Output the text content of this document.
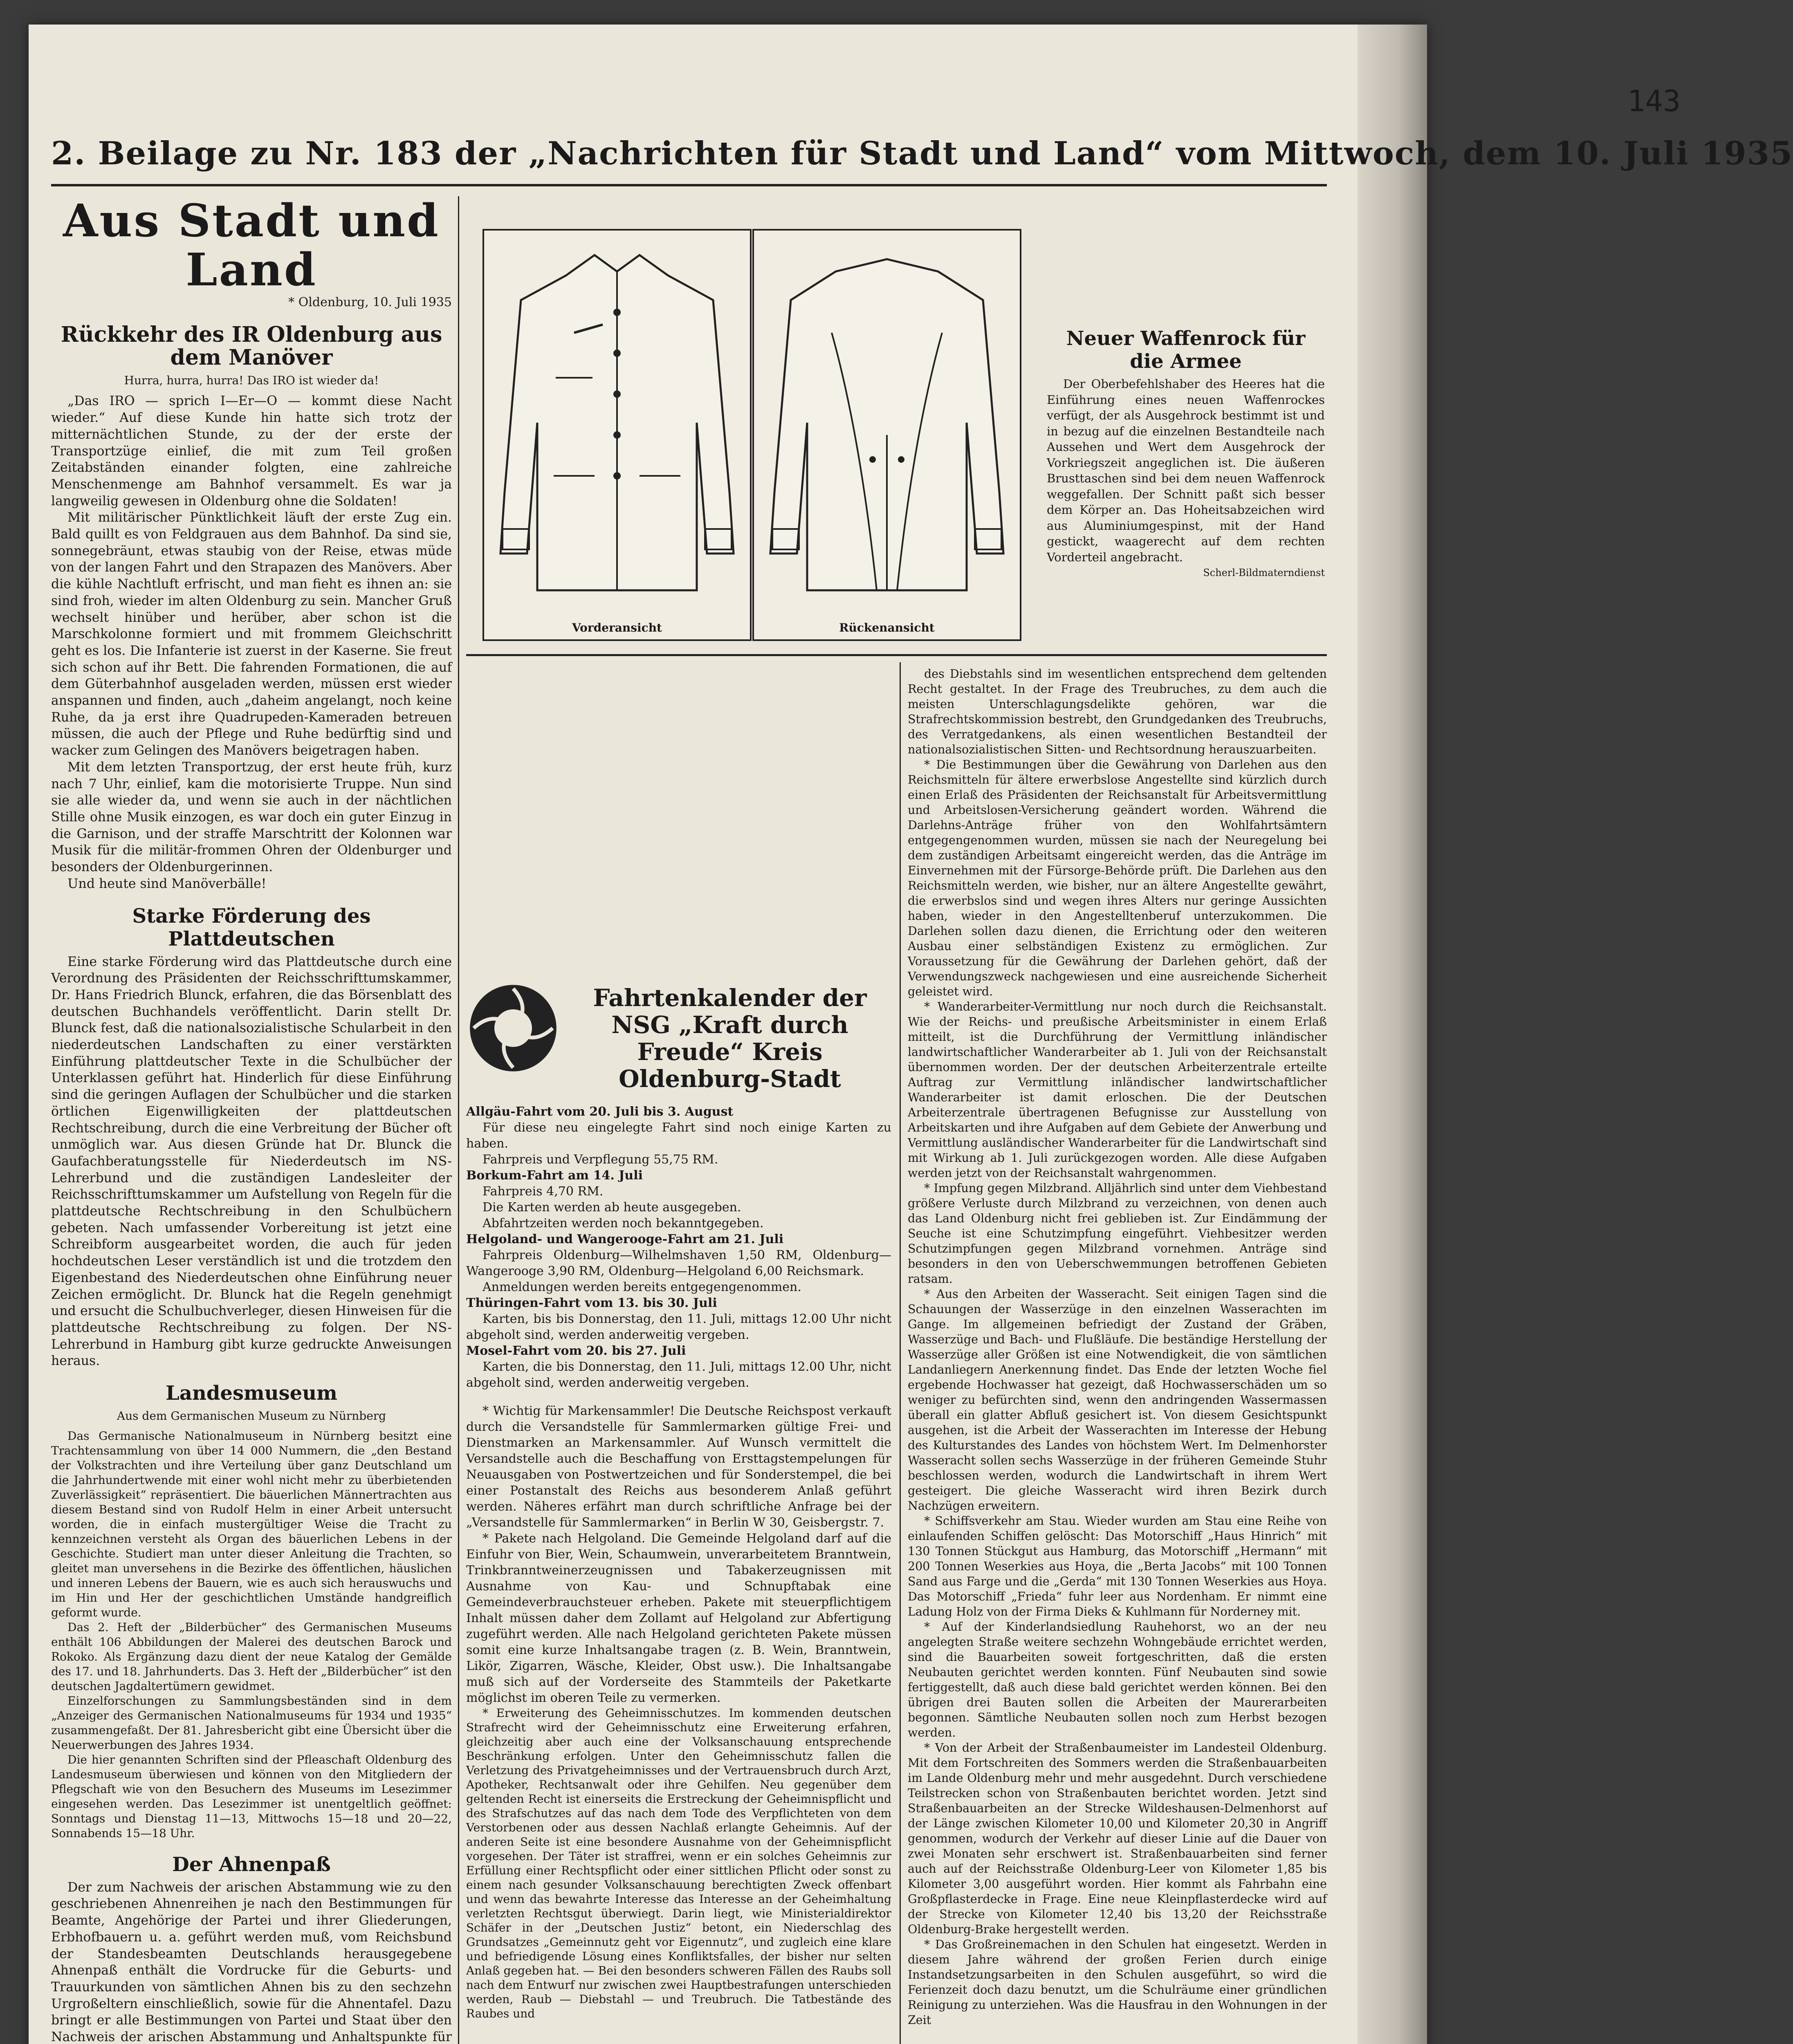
143
2. Beilage zu Nr. 183 der „Nachrichten für Stadt und Land“ vom Mittwoch, dem 10. Juli 1935
Aus Stadt und Land
* Oldenburg, 10. Juli 1935
Rückkehr des IR Oldenburg aus dem Manöver
Hurra, hurra, hurra! Das IRO ist wieder da!

„Das IRO — sprich I—Er—O — kommt diese Nacht wieder.“ Auf diese Kunde hin hatte sich trotz der mitternächtlichen Stunde, zu der der erste der Transportzüge einlief, die mit zum Teil großen Zeitabständen einander folgten, eine zahlreiche Menschenmenge am Bahnhof versammelt. Es war ja langweilig gewesen in Oldenburg ohne die Soldaten!

Mit militärischer Pünktlichkeit läuft der erste Zug ein. Bald quillt es von Feldgrauen aus dem Bahnhof. Da sind sie, sonnegebräunt, etwas staubig von der Reise, etwas müde von der langen Fahrt und den Strapazen des Manövers. Aber die kühle Nachtluft erfrischt, und man fieht es ihnen an: sie sind froh, wieder im alten Oldenburg zu sein. Mancher Gruß wechselt hinüber und herüber, aber schon ist die Marschkolonne formiert und mit frommem Gleichschritt geht es los. Die Infanterie ist zuerst in der Kaserne. Sie freut sich schon auf ihr Bett. Die fahrenden Formationen, die auf dem Güterbahnhof ausgeladen werden, müssen erst wieder anspannen und finden, auch „daheim angelangt, noch keine Ruhe, da ja erst ihre Quadrupeden-Kameraden betreuen müssen, die auch der Pflege und Ruhe bedürftig sind und wacker zum Gelingen des Manövers beigetragen haben.

Mit dem letzten Transportzug, der erst heute früh, kurz nach 7 Uhr, einlief, kam die motorisierte Truppe. Nun sind sie alle wieder da, und wenn sie auch in der nächtlichen Stille ohne Musik einzogen, es war doch ein guter Einzug in die Garnison, und der straffe Marschtritt der Kolonnen war Musik für die militär-frommen Ohren der Oldenburger und besonders der Oldenburgerinnen.

Und heute sind Manöverbälle!

Starke Förderung des Plattdeutschen

Eine starke Förderung wird das Plattdeutsche durch eine Verordnung des Präsidenten der Reichsschrifttumskammer, Dr. Hans Friedrich Blunck, erfahren, die das Börsenblatt des deutschen Buchhandels veröffentlicht. Darin stellt Dr. Blunck fest, daß die nationalsozialistische Schularbeit in den niederdeutschen Landschaften zu einer verstärkten Einführung plattdeutscher Texte in die Schulbücher der Unterklassen geführt hat. Hinderlich für diese Einführung sind die geringen Auflagen der Schulbücher und die starken örtlichen Eigenwilligkeiten der plattdeutschen Rechtschreibung, durch die eine Verbreitung der Bücher oft unmöglich war. Aus diesen Gründe hat Dr. Blunck die Gaufachberatungsstelle für Niederdeutsch im NS-Lehrerbund und die zuständigen Landesleiter der Reichsschrifttumskammer um Aufstellung von Regeln für die plattdeutsche Rechtschreibung in den Schulbüchern gebeten. Nach umfassender Vorbereitung ist jetzt eine Schreibform ausgearbeitet worden, die auch für jeden hochdeutschen Leser verständlich ist und die trotzdem den Eigenbestand des Niederdeutschen ohne Einführung neuer Zeichen ermöglicht. Dr. Blunck hat die Regeln genehmigt und ersucht die Schulbuchverleger, diesen Hinweisen für die plattdeutsche Rechtschreibung zu folgen. Der NS-Lehrerbund in Hamburg gibt kurze gedruckte Anweisungen heraus.

Landesmuseum
Aus dem Germanischen Museum zu Nürnberg

Das Germanische Nationalmuseum in Nürnberg besitzt eine Trachtensammlung von über 14 000 Nummern, die „den Bestand der Volkstrachten und ihre Verteilung über ganz Deutschland um die Jahrhundertwende mit einer wohl nicht mehr zu überbietenden Zuverlässigkeit“ repräsentiert. Die bäuerlichen Männertrachten aus diesem Bestand sind von Rudolf Helm in einer Arbeit untersucht worden, die in einfach mustergültiger Weise die Tracht zu kennzeichnen versteht als Organ des bäuerlichen Lebens in der Geschichte. Studiert man unter dieser Anleitung die Trachten, so gleitet man unversehens in die Bezirke des öffentlichen, häuslichen und inneren Lebens der Bauern, wie es auch sich herauswuchs und im Hin und Her der geschichtlichen Umstände handgreiflich geformt wurde.

Das 2. Heft der „Bilderbücher“ des Germanischen Museums enthält 106 Abbildungen der Malerei des deutschen Barock und Rokoko. Als Ergänzung dazu dient der neue Katalog der Gemälde des 17. und 18. Jahrhunderts. Das 3. Heft der „Bilderbücher“ ist den deutschen Jagdaltertümern gewidmet.

Einzelforschungen zu Sammlungsbeständen sind in dem „Anzeiger des Germanischen Nationalmuseums für 1934 und 1935“ zusammengefaßt. Der 81. Jahresbericht gibt eine Übersicht über die Neuerwerbungen des Jahres 1934.

Die hier genannten Schriften sind der Pfleaschaft Oldenburg des Landesmuseum überwiesen und können von den Mitgliedern der Pflegschaft wie von den Besuchern des Museums im Lesezimmer eingesehen werden. Das Lesezimmer ist unentgeltlich geöffnet: Sonntags und Dienstag 11—13, Mittwochs 15—18 und 20—22, Sonnabends 15—18 Uhr.

Der Ahnenpaß

Der zum Nachweis der arischen Abstammung wie zu den geschriebenen Ahnenreihen je nach den Bestimmungen für Beamte, Angehörige der Partei und ihrer Gliederungen, Erbhofbauern u. a. geführt werden muß, vom Reichsbund der Standesbeamten Deutschlands herausgegebene Ahnenpaß enthält die Vordrucke für die Geburts- und Trauurkunden von sämtlichen Ahnen bis zu den sechzehn Urgroßeltern einschließlich, sowie für die Ahnentafel. Dazu bringt er alle Bestimmungen von Partei und Staat über den Nachweis der arischen Abstammung und Anhaltspunkte für

Vorderansicht	Rückenansicht
Neuer Waffenrock für die Armee

Der Oberbefehlshaber des Heeres hat die Einführung eines neuen Waffenrockes verfügt, der als Ausgehrock bestimmt ist und in bezug auf die einzelnen Bestandteile nach Aussehen und Wert dem Ausgehrock der Vorkriegszeit angeglichen ist. Die äußeren Brusttaschen sind bei dem neuen Waffenrock weggefallen. Der Schnitt paßt sich besser dem Körper an. Das Hoheitsabzeichen wird aus Aluminiumgespinst, mit der Hand gestickt, waagerecht auf dem rechten Vorderteil angebracht.

Scherl-Bildmaterndienst

Fahrtenkalender der NSG „Kraft durch Freude“ Kreis Oldenburg-Stadt
Allgäu-Fahrt vom 20. Juli bis 3. August

Für diese neu eingelegte Fahrt sind noch einige Karten zu haben.

Fahrpreis und Verpflegung 55,75 RM.

Borkum-Fahrt am 14. Juli

Fahrpreis 4,70 RM.

Die Karten werden ab heute ausgegeben.

Abfahrtzeiten werden noch bekanntgegeben.

Helgoland- und Wangerooge-Fahrt am 21. Juli

Fahrpreis Oldenburg—Wilhelmshaven 1,50 RM, Oldenburg—Wangerooge 3,90 RM, Oldenburg—Helgoland 6,00 Reichsmark.

Anmeldungen werden bereits entgegengenommen.

Thüringen-Fahrt vom 13. bis 30. Juli

Karten, bis bis Donnerstag, den 11. Juli, mittags 12.00 Uhr nicht abgeholt sind, werden anderweitig vergeben.

Mosel-Fahrt vom 20. bis 27. Juli

Karten, die bis Donnerstag, den 11. Juli, mittags 12.00 Uhr, nicht abgeholt sind, werden anderweitig vergeben.

* Wichtig für Markensammler! Die Deutsche Reichspost verkauft durch die Versandstelle für Sammlermarken gültige Frei- und Dienstmarken an Markensammler. Auf Wunsch vermittelt die Versandstelle auch die Beschaffung von Ersttagstempelungen für Neuausgaben von Postwertzeichen und für Sonderstempel, die bei einer Postanstalt des Reichs aus besonderem Anlaß geführt werden. Näheres erfährt man durch schriftliche Anfrage bei der „Versandstelle für Sammlermarken“ in Berlin W 30, Geisbergstr. 7.

* Pakete nach Helgoland. Die Gemeinde Helgoland darf auf die Einfuhr von Bier, Wein, Schaumwein, unverarbeitetem Branntwein, Trinkbranntweinerzeugnissen und Tabakerzeugnissen mit Ausnahme von Kau- und Schnupftabak eine Gemeindeverbrauchsteuer erheben. Pakete mit steuerpflichtigem Inhalt müssen daher dem Zollamt auf Helgoland zur Abfertigung zugeführt werden. Alle nach Helgoland gerichteten Pakete müssen somit eine kurze Inhaltsangabe tragen (z. B. Wein, Branntwein, Likör, Zigarren, Wäsche, Kleider, Obst usw.). Die Inhaltsangabe muß sich auf der Vorderseite des Stammteils der Paketkarte möglichst im oberen Teile zu vermerken.

* Erweiterung des Geheimnisschutzes. Im kommenden deutschen Strafrecht wird der Geheimnisschutz eine Erweiterung erfahren, gleichzeitig aber auch eine der Volksanschauung entsprechende Beschränkung erfolgen. Unter den Geheimnisschutz fallen die Verletzung des Privatgeheimnisses und der Vertrauensbruch durch Arzt, Apotheker, Rechtsanwalt oder ihre Gehilfen. Neu gegenüber dem geltenden Recht ist einerseits die Erstreckung der Geheimnispflicht und des Strafschutzes auf das nach dem Tode des Verpflichteten von dem Verstorbenen oder aus dessen Nachlaß erlangte Geheimnis. Auf der anderen Seite ist eine besondere Ausnahme von der Geheimnispflicht vorgesehen. Der Täter ist straffrei, wenn er ein solches Geheimnis zur Erfüllung einer Rechtspflicht oder einer sittlichen Pflicht oder sonst zu einem nach gesunder Volksanschauung berechtigten Zweck offenbart und wenn das bewahrte Interesse das Interesse an der Geheimhaltung verletzten Rechtsgut überwiegt. Darin liegt, wie Ministerialdirektor Schäfer in der „Deutschen Justiz“ betont, ein Niederschlag des Grundsatzes „Gemeinnutz geht vor Eigennutz“, und zugleich eine klare und befriedigende Lösung eines Konfliktsfalles, der bisher nur selten Anlaß gegeben hat. — Bei den besonders schweren Fällen des Raubs soll nach dem Entwurf nur zwischen zwei Hauptbestrafungen unterschieden werden, Raub — Diebstahl — und Treubruch. Die Tatbestände des Raubes und

des Diebstahls sind im wesentlichen entsprechend dem geltenden Recht gestaltet. In der Frage des Treubruches, zu dem auch die meisten Unterschlagungsdelikte gehören, war die Strafrechtskommission bestrebt, den Grundgedanken des Treubruchs, des Verratgedankens, als einen wesentlichen Bestandteil der nationalsozialistischen Sitten- und Rechtsordnung herauszuarbeiten.

* Die Bestimmungen über die Gewährung von Darlehen aus den Reichsmitteln für ältere erwerbslose Angestellte sind kürzlich durch einen Erlaß des Präsidenten der Reichsanstalt für Arbeitsvermittlung und Arbeitslosen-Versicherung geändert worden. Während die Darlehns-Anträge früher von den Wohlfahrtsämtern entgegengenommen wurden, müssen sie nach der Neuregelung bei dem zuständigen Arbeitsamt eingereicht werden, das die Anträge im Einvernehmen mit der Fürsorge-Behörde prüft. Die Darlehen aus den Reichsmitteln werden, wie bisher, nur an ältere Angestellte gewährt, die erwerbslos sind und wegen ihres Alters nur geringe Aussichten haben, wieder in den Angestelltenberuf unterzukommen. Die Darlehen sollen dazu dienen, die Errichtung oder den weiteren Ausbau einer selbständigen Existenz zu ermöglichen. Zur Voraussetzung für die Gewährung der Darlehen gehört, daß der Verwendungszweck nachgewiesen und eine ausreichende Sicherheit geleistet wird.

* Wanderarbeiter-Vermittlung nur noch durch die Reichsanstalt. Wie der Reichs- und preußische Arbeitsminister in einem Erlaß mitteilt, ist die Durchführung der Vermittlung inländischer landwirtschaftlicher Wanderarbeiter ab 1. Juli von der Reichsanstalt übernommen worden. Der der deutschen Arbeiterzentrale erteilte Auftrag zur Vermittlung inländischer landwirtschaftlicher Wanderarbeiter ist damit erloschen. Die der Deutschen Arbeiterzentrale übertragenen Befugnisse zur Ausstellung von Arbeitskarten und ihre Aufgaben auf dem Gebiete der Anwerbung und Vermittlung ausländischer Wanderarbeiter für die Landwirtschaft sind mit Wirkung ab 1. Juli zurückgezogen worden. Alle diese Aufgaben werden jetzt von der Reichsanstalt wahrgenommen.

* Impfung gegen Milzbrand. Alljährlich sind unter dem Viehbestand größere Verluste durch Milzbrand zu verzeichnen, von denen auch das Land Oldenburg nicht frei geblieben ist. Zur Eindämmung der Seuche ist eine Schutzimpfung eingeführt. Viehbesitzer werden Schutzimpfungen gegen Milzbrand vornehmen. Anträge sind besonders in den von Ueberschwemmungen betroffenen Gebieten ratsam.

* Aus den Arbeiten der Wasseracht. Seit einigen Tagen sind die Schauungen der Wasserzüge in den einzelnen Wasserachten im Gange. Im allgemeinen befriedigt der Zustand der Gräben, Wasserzüge und Bach- und Flußläufe. Die beständige Herstellung der Wasserzüge aller Größen ist eine Notwendigkeit, die von sämtlichen Landanliegern Anerkennung findet. Das Ende der letzten Woche fiel ergebende Hochwasser hat gezeigt, daß Hochwasserschäden um so weniger zu befürchten sind, wenn den andringenden Wassermassen überall ein glatter Abfluß gesichert ist. Von diesem Gesichtspunkt ausgehen, ist die Arbeit der Wasserachten im Interesse der Hebung des Kulturstandes des Landes von höchstem Wert. Im Delmenhorster Wasseracht sollen sechs Wasserzüge in der früheren Gemeinde Stuhr beschlossen werden, wodurch die Landwirtschaft in ihrem Wert gesteigert. Die gleiche Wasseracht wird ihren Bezirk durch Nachzügen erweitern.

* Schiffsverkehr am Stau. Wieder wurden am Stau eine Reihe von einlaufenden Schiffen gelöscht: Das Motorschiff „Haus Hinrich“ mit 130 Tonnen Stückgut aus Hamburg, das Motorschiff „Hermann“ mit 200 Tonnen Weserkies aus Hoya, die „Berta Jacobs“ mit 100 Tonnen Sand aus Farge und die „Gerda“ mit 130 Tonnen Weserkies aus Hoya. Das Motorschiff „Frieda“ fuhr leer aus Nordenham. Er nimmt eine Ladung Holz von der Firma Dieks & Kuhlmann für Norderney mit.

* Auf der Kinderlandsiedlung Rauhehorst, wo an der neu angelegten Straße weitere sechzehn Wohngebäude errichtet werden, sind die Bauarbeiten soweit fortgeschritten, daß die ersten Neubauten gerichtet werden konnten. Fünf Neubauten sind sowie fertiggestellt, daß auch diese bald gerichtet werden können. Bei den übrigen drei Bauten sollen die Arbeiten der Maurerarbeiten begonnen. Sämtliche Neubauten sollen noch zum Herbst bezogen werden.

* Von der Arbeit der Straßenbaumeister im Landesteil Oldenburg. Mit dem Fortschreiten des Sommers werden die Straßenbauarbeiten im Lande Oldenburg mehr und mehr ausgedehnt. Durch verschiedene Teilstrecken schon von Straßenbauten berichtet worden. Jetzt sind Straßenbauarbeiten an der Strecke Wildeshausen-Delmenhorst auf der Länge zwischen Kilometer 10,00 und Kilometer 20,30 in Angriff genommen, wodurch der Verkehr auf dieser Linie auf die Dauer von zwei Monaten sehr erschwert ist. Straßenbauarbeiten sind ferner auch auf der Reichsstraße Oldenburg-Leer von Kilometer 1,85 bis Kilometer 3,00 ausgeführt worden. Hier kommt als Fahrbahn eine Großpflasterdecke in Frage. Eine neue Kleinpflasterdecke wird auf der Strecke von Kilometer 12,40 bis 13,20 der Reichsstraße Oldenburg-Brake hergestellt werden.

* Das Großreinemachen in den Schulen hat eingesetzt. Werden in diesem Jahre während der großen Ferien durch einige Instandsetzungsarbeiten in den Schulen ausgeführt, so wird die Ferienzeit doch dazu benutzt, um die Schulräume einer gründlichen Reinigung zu unterziehen. Was die Hausfrau in den Wohnungen in der Zeit
